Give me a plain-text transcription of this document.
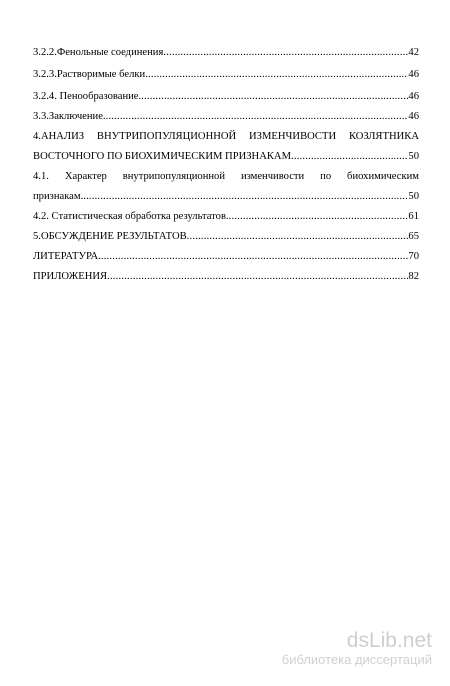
3.2.2.Фенольные соединения .....	42
3.2.3.Растворимые белки .....	46
3.2.4. Пенообразование. .....	46
3.3.Заключение. .....	46
4.АНАЛИЗ ВНУТРИПОПУЛЯЦИОННОЙ ИЗМЕНЧИВОСТИ КОЗЛЯТНИКА
ВОСТОЧНОГО ПО БИОХИМИЧЕСКИМ ПРИЗНАКАМ .....	50
4.1. Характер внутрипопуляционной изменчивости по биохимическим
признакам. .....	50
4.2. Статистическая обработка результатов. .....	61
5.ОБСУЖДЕНИЕ РЕЗУЛЬТАТОВ .....	65
ЛИТЕРАТУРА. .....	70
ПРИЛОЖЕНИЯ .....	82
dsLib.net
библиотека диссертаций
